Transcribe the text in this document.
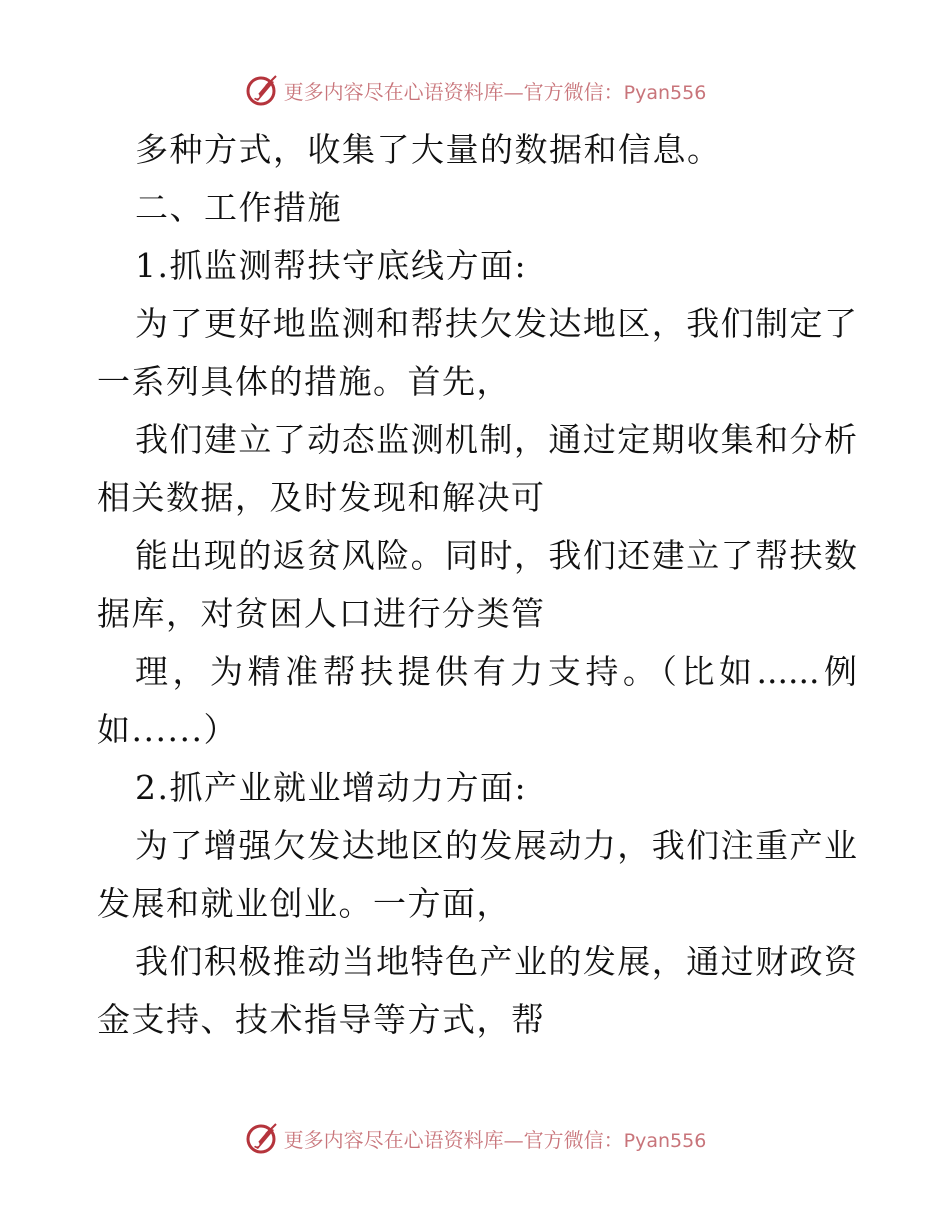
更多内容尽在心语资料库—官方微信：Pyan556
多种方式，收集了大量的数据和信息。
二、工作措施
1.抓监测帮扶守底线方面:
为了更好地监测和帮扶欠发达地区，我们制定了
一系列具体的措施。首先，
我们建立了动态监测机制，通过定期收集和分析
相关数据，及时发现和解决可
能出现的返贫风险。同时，我们还建立了帮扶数
据库，对贫困人口进行分类管
理，为精准帮扶提供有力支持。（比如......例
如......）
2.抓产业就业增动力方面:
为了增强欠发达地区的发展动力，我们注重产业
发展和就业创业。一方面，
我们积极推动当地特色产业的发展，通过财政资
金支持、技术指导等方式，帮
更多内容尽在心语资料库—官方微信：Pyan556
